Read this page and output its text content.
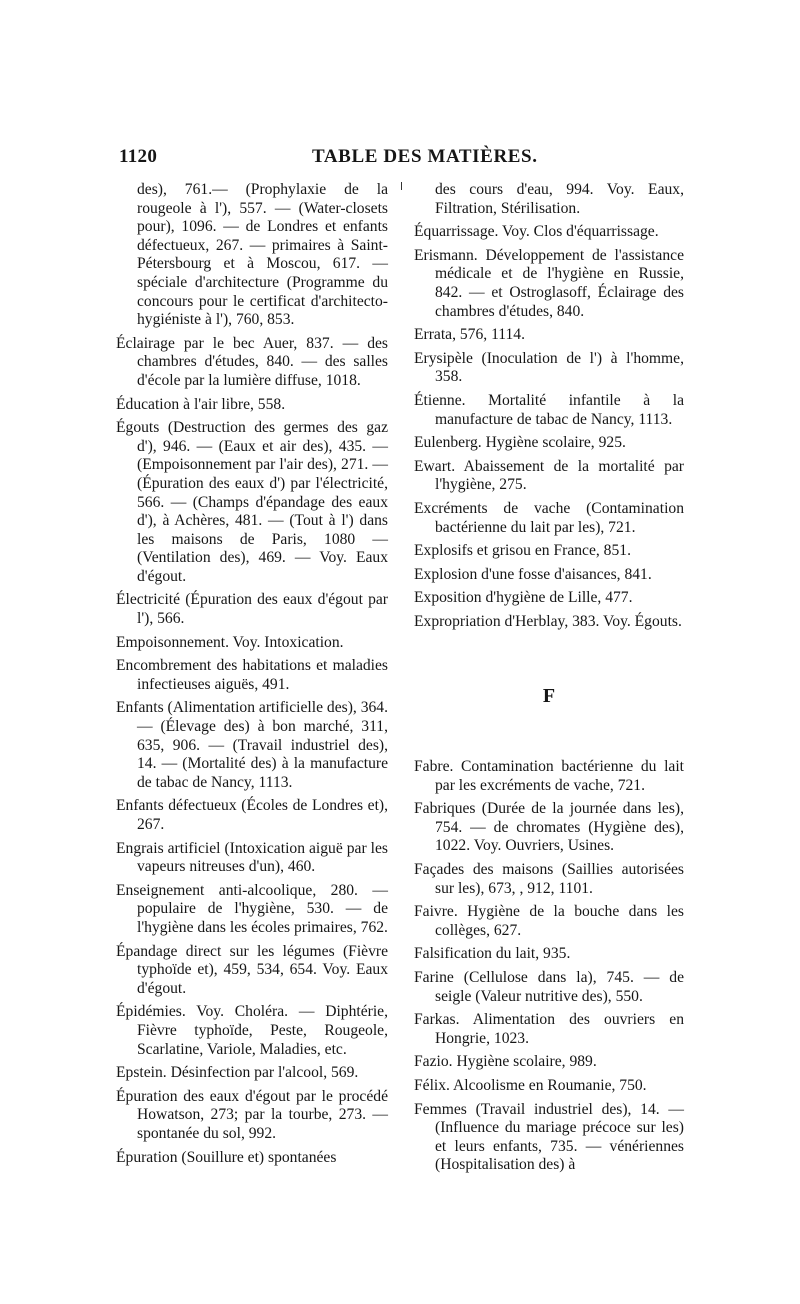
1120	TABLE DES MATIÈRES.

des), 761.— (Prophylaxie de la rougeole à l'), 557. — (Water-closets pour), 1096. — de Londres et enfants défectueux, 267. — primaires à Saint-Pétersbourg et à Moscou, 617. — spéciale d'architecture (Programme du concours pour le certificat d'architecto-hygiéniste à l'), 760, 853.

Éclairage par le bec Auer, 837. — des chambres d'études, 840. — des salles d'école par la lumière diffuse, 1018.

Éducation à l'air libre, 558.

Égouts (Destruction des germes des gaz d'), 946. — (Eaux et air des), 435. — (Empoisonnement par l'air des), 271. — (Épuration des eaux d') par l'électricité, 566. — (Champs d'épandage des eaux d'), à Achères, 481. — (Tout à l') dans les maisons de Paris, 1080 — (Ventilation des), 469. — Voy. Eaux d'égout.

Électricité (Épuration des eaux d'égout par l'), 566.

Empoisonnement. Voy. Intoxication.

Encombrement des habitations et maladies infectieuses aiguës, 491.

Enfants (Alimentation artificielle des), 364. — (Élevage des) à bon marché, 311, 635, 906. — (Travail industriel des), 14. — (Mortalité des) à la manufacture de tabac de Nancy, 1113.

Enfants défectueux (Écoles de Londres et), 267.

Engrais artificiel (Intoxication aiguë par les vapeurs nitreuses d'un), 460.

Enseignement anti-alcoolique, 280. — populaire de l'hygiène, 530. — de l'hygiène dans les écoles primaires, 762.

Épandage direct sur les légumes (Fièvre typhoïde et), 459, 534, 654. Voy. Eaux d'égout.

Épidémies. Voy. Choléra. — Diphtérie, Fièvre typhoïde, Peste, Rougeole, Scarlatine, Variole, Maladies, etc.

Epstein. Désinfection par l'alcool, 569.

Épuration des eaux d'égout par le procédé Howatson, 273; par la tourbe, 273. — spontanée du sol, 992.

Épuration (Souillure et) spontanées

des cours d'eau, 994. Voy. Eaux, Filtration, Stérilisation.

Équarrissage. Voy. Clos d'équarrissage.

Erismann. Développement de l'assistance médicale et de l'hygiène en Russie, 842. — et Ostroglasoff, Éclairage des chambres d'études, 840.

Errata, 576, 1114.

Erysipèle (Inoculation de l') à l'homme, 358.

Étienne. Mortalité infantile à la manufacture de tabac de Nancy, 1113.

Eulenberg. Hygiène scolaire, 925.

Ewart. Abaissement de la mortalité par l'hygiène, 275.

Excréments de vache (Contamination bactérienne du lait par les), 721.

Explosifs et grisou en France, 851.

Explosion d'une fosse d'aisances, 841.

Exposition d'hygiène de Lille, 477.

Expropriation d'Herblay, 383. Voy. Égouts.

F

Fabre. Contamination bactérienne du lait par les excréments de vache, 721.

Fabriques (Durée de la journée dans les), 754. — de chromates (Hygiène des), 1022. Voy. Ouvriers, Usines.

Façades des maisons (Saillies autorisées sur les), 673, , 912, 1101.

Faivre. Hygiène de la bouche dans les collèges, 627.

Falsification du lait, 935.

Farine (Cellulose dans la), 745. — de seigle (Valeur nutritive des), 550.

Farkas. Alimentation des ouvriers en Hongrie, 1023.

Fazio. Hygiène scolaire, 989.

Félix. Alcoolisme en Roumanie, 750.

Femmes (Travail industriel des), 14. — (Influence du mariage précoce sur les) et leurs enfants, 735. — vénériennes (Hospitalisation des) à
